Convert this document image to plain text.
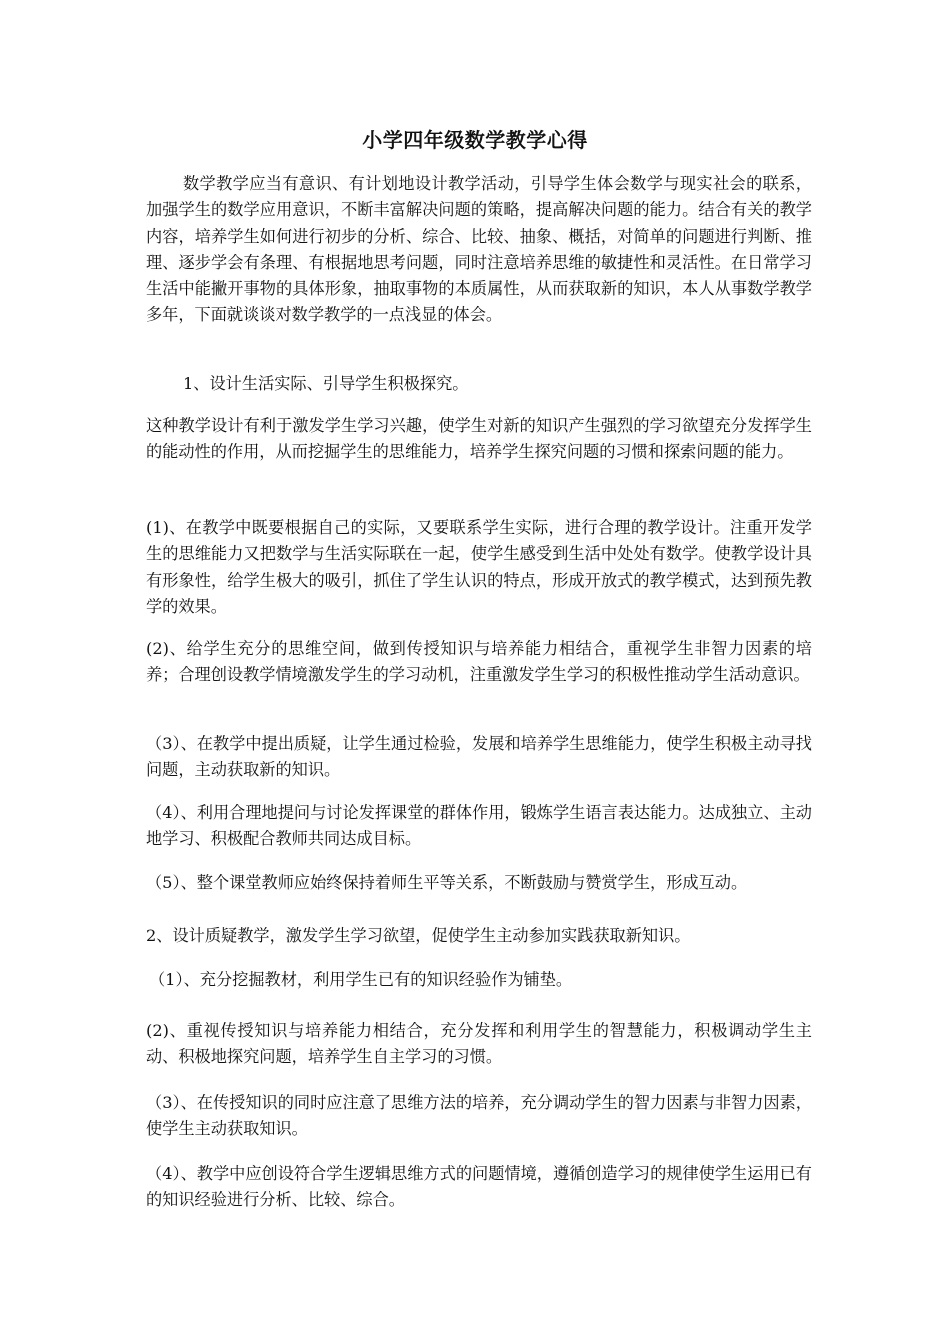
小学四年级数学教学心得

数学教学应当有意识、有计划地设计教学活动，引导学生体会数学与现实社会的联系，加强学生的数学应用意识，不断丰富解决问题的策略，提高解决问题的能力。结合有关的教学内容，培养学生如何进行初步的分析、综合、比较、抽象、概括，对简单的问题进行判断、推理、逐步学会有条理、有根据地思考问题，同时注意培养思维的敏捷性和灵活性。在日常学习生活中能撇开事物的具体形象，抽取事物的本质属性，从而获取新的知识，本人从事数学教学多年，下面就谈谈对数学教学的一点浅显的体会。

1、设计生活实际、引导学生积极探究。

这种教学设计有利于激发学生学习兴趣，使学生对新的知识产生强烈的学习欲望充分发挥学生的能动性的作用，从而挖掘学生的思维能力，培养学生探究问题的习惯和探索问题的能力。

(1)、在教学中既要根据自己的实际，又要联系学生实际，进行合理的教学设计。注重开发学生的思维能力又把数学与生活实际联在一起，使学生感受到生活中处处有数学。使教学设计具有形象性，给学生极大的吸引，抓住了学生认识的特点，形成开放式的教学模式，达到预先教学的效果。

(2)、给学生充分的思维空间，做到传授知识与培养能力相结合，重视学生非智力因素的培养；合理创设教学情境激发学生的学习动机，注重激发学生学习的积极性推动学生活动意识。

（3）、在教学中提出质疑，让学生通过检验，发展和培养学生思维能力，使学生积极主动寻找问题，主动获取新的知识。

（4）、利用合理地提问与讨论发挥课堂的群体作用，锻炼学生语言表达能力。达成独立、主动地学习、积极配合教师共同达成目标。

（5）、整个课堂教师应始终保持着师生平等关系，不断鼓励与赞赏学生，形成互动。

2、设计质疑教学，激发学生学习欲望，促使学生主动参加实践获取新知识。

（1）、充分挖掘教材，利用学生已有的知识经验作为铺垫。

(2)、重视传授知识与培养能力相结合，充分发挥和利用学生的智慧能力，积极调动学生主动、积极地探究问题，培养学生自主学习的习惯。

（3）、在传授知识的同时应注意了思维方法的培养，充分调动学生的智力因素与非智力因素，使学生主动获取知识。

（4）、教学中应创设符合学生逻辑思维方式的问题情境，遵循创造学习的规律使学生运用已有的知识经验进行分析、比较、综合。
